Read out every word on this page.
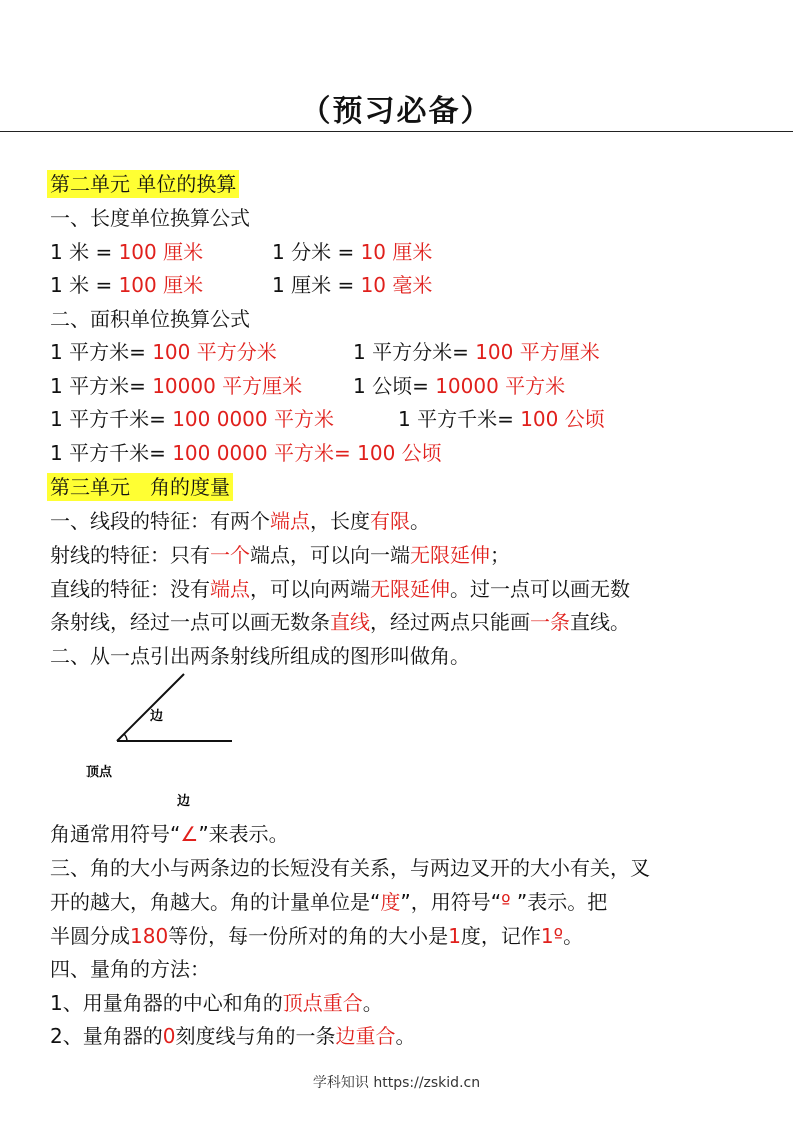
（预习必备）
第二单元 单位的换算
一、长度单位换算公式
1 米 = 100 厘米	1 分米 = 10 厘米
1 米 = 100 厘米	1 厘米 = 10 毫米
二、面积单位换算公式
1 平方米= 100 平方分米	1 平方分米= 100 平方厘米
1 平方米= 10000 平方厘米	1 公顷= 10000 平方米
1 平方千米= 100 0000 平方米	1 平方千米= 100 公顷
1 平方千米= 100 0000 平方米= 100 公顷
第三单元　角的度量
一、线段的特征：有两个端点，长度有限。
射线的特征：只有一个端点，可以向一端无限延伸；
直线的特征：没有端点，可以向两端无限延伸。过一点可以画无数
条射线，经过一点可以画无数条直线，经过两点只能画一条直线。
二、从一点引出两条射线所组成的图形叫做角。
边
顶点
边
角通常用符号“∠”来表示。
三、角的大小与两条边的长短没有关系，与两边叉开的大小有关，叉
开的越大，角越大。角的计量单位是“度”，用符号“º ”表示。把
半圆分成180等份，每一份所对的角的大小是1度，记作1º。
四、量角的方法：
1、用量角器的中心和角的顶点重合。
2、量角器的0刻度线与角的一条边重合。
学科知识 https://zskid.cn
